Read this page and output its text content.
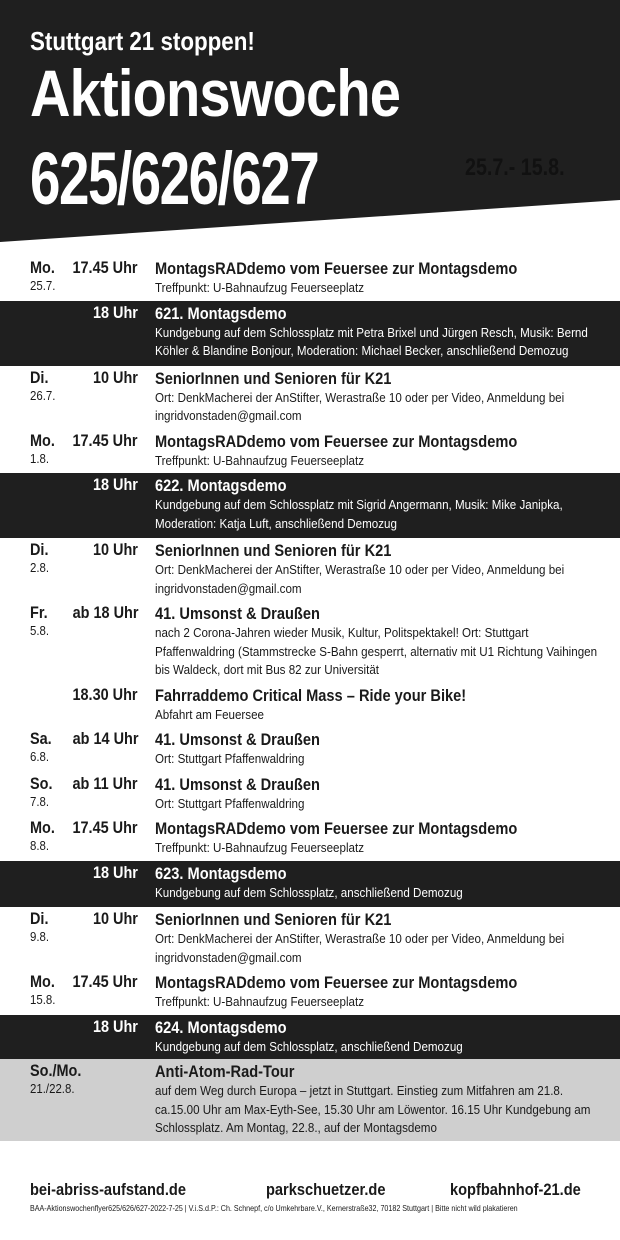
Stuttgart 21 stoppen!
Aktionswoche
625/626/627	25.7.- 15.8.
Mo. 17.45 Uhr
25.7.
MontagsRADdemo vom Feuersee zur Montagsdemo
Treffpunkt: U-Bahnaufzug Feuerseeplatz
18 Uhr 621. Montagsdemo
Kundgebung auf dem Schlossplatz mit Petra Brixel und Jürgen Resch, Musik: Bernd Köhler & Blandine Bonjour, Moderation: Michael Becker, anschließend Demozug
Di.	10 Uhr
26.7.
SeniorInnen und Senioren für K21
Ort: DenkMacherei der AnStifter, Werastraße 10 oder per Video, Anmeldung bei ingridvonstaden@gmail.com
Mo. 17.45 Uhr
1.8.
MontagsRADdemo vom Feuersee zur Montagsdemo
Treffpunkt: U-Bahnaufzug Feuerseeplatz
18 Uhr 622. Montagsdemo
Kundgebung auf dem Schlossplatz mit Sigrid Angermann, Musik: Mike Janipka, Moderation: Katja Luft, anschließend Demozug
Di.	10 Uhr
2.8.
SeniorInnen und Senioren für K21
Ort: DenkMacherei der AnStifter, Werastraße 10 oder per Video, Anmeldung bei ingridvonstaden@gmail.com
Fr. ab 18 Uhr
5.8.
41. Umsonst & Draußen
nach 2 Corona-Jahren wieder Musik, Kultur, Politspektakel! Ort: Stuttgart Pfaffenwaldring (Stammstrecke S-Bahn gesperrt, alternativ mit U1 Richtung Vaihingen bis Waldeck, dort mit Bus 82 zur Universität
18.30 Uhr Fahrraddemo Critical Mass – Ride your Bike!
Abfahrt am Feuersee
Sa. ab 14 Uhr
6.8.
41. Umsonst & Draußen
Ort: Stuttgart Pfaffenwaldring
So. ab 11 Uhr
7.8.
41. Umsonst & Draußen
Ort: Stuttgart Pfaffenwaldring
Mo. 17.45 Uhr
8.8.
MontagsRADdemo vom Feuersee zur Montagsdemo
Treffpunkt: U-Bahnaufzug Feuerseeplatz
18 Uhr 623. Montagsdemo
Kundgebung auf dem Schlossplatz, anschließend Demozug
Di.	10 Uhr
9.8.
SeniorInnen und Senioren für K21
Ort: DenkMacherei der AnStifter, Werastraße 10 oder per Video, Anmeldung bei ingridvonstaden@gmail.com
Mo. 17.45 Uhr
15.8.
MontagsRADdemo vom Feuersee zur Montagsdemo
Treffpunkt: U-Bahnaufzug Feuerseeplatz
18 Uhr 624. Montagsdemo
Kundgebung auf dem Schlossplatz, anschließend Demozug
So./Mo.
21./22.8.
Anti-Atom-Rad-Tour
auf dem Weg durch Europa – jetzt in Stuttgart. Einstieg zum Mitfahren am 21.8. ca.15.00 Uhr am Max-Eyth-See, 15.30 Uhr am Löwentor. 16.15 Uhr Kundgebung am Schlossplatz. Am Montag, 22.8., auf der Montagsdemo
bei-abriss-aufstand.de	parkschuetzer.de	kopfbahnhof-21.de
BAA-Aktionswochenflyer625/626/627-2022-7-25 | V.i.S.d.P.: Ch. Schnepf, c/o Umkehrbare.V., Kernerstraße32, 70182 Stuttgart | Bitte nicht wild plakatieren
